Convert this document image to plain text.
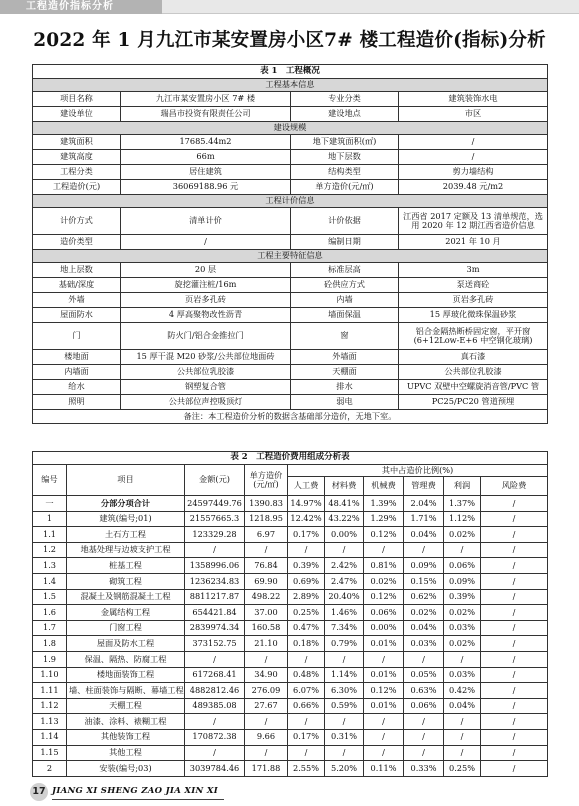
工程造价指标分析
2022 年 1 月九江市某安置房小区7# 楼工程造价(指标)分析
表 1　工程概况			
工程基本信息			
项目名称	九江市某安置房小区 7# 楼	专业分类	建筑装饰水电
建设单位	瑞昌市投资有限责任公司	建设地点	市区
建设规模			
建筑面积	17685.44m2	地下建筑面积(㎡)	/
建筑高度	66m	地下层数	/
工程分类	居住建筑	结构类型	剪力墙结构
工程造价(元)	36069188.96 元	单方造价(元/㎡)	2039.48 元/m2
工程计价信息			
计价方式	清单计价	计价依据	江西省 2017 定额及 13 清单规范，选用 2020 年 12 期江西省造价信息
造价类型	/	编制日期	2021 年 10 月
工程主要特征信息			
地上层数	20 层	标准层高	3m
基础/深度	旋挖灌注桩/16m	砼供应方式	泵送商砼
外墙	页岩多孔砖	内墙	页岩多孔砖
屋面防水	4 厚高聚物改性沥青	墙面保温	15 厚玻化微珠保温砂浆
门	防火门/铝合金推拉门	窗	铝合金隔热断桥固定窗，平开窗(6+12Low-E+6 中空钢化玻璃)
楼地面	15 厚干混 M20 砂浆/公共部位地面砖	外墙面	真石漆
内墙面	公共部位乳胶漆	天棚面	公共部位乳胶漆
给水	钢塑复合管	排水	UPVC 双壁中空螺旋消音管/PVC 管
照明	公共部位声控吸顶灯	弱电	PC25/PC20 管道预埋
备注：本工程造价分析的数据含基础部分造价，无地下室。			
表 2　工程造价费用组成分析表									
编号	项目	金额(元)	单方造价(元/㎡)	其中占造价比例(%)					
				人工费	材料费	机械费	管理费	利润	风险费
一	分部分项合计	24597449.76	1390.83	14.97%	48.41%	1.39%	2.04%	1.37%	/
1	建筑(编号;01)	21557665.3	1218.95	12.42%	43.22%	1.29%	1.71%	1.12%	/
1.1	土石方工程	123329.28	6.97	0.17%	0.00%	0.12%	0.04%	0.02%	/
1.2	地基处理与边坡支护工程	/	/	/	/	/	/	/	/
1.3	桩基工程	1358996.06	76.84	0.39%	2.42%	0.81%	0.09%	0.06%	/
1.4	砌筑工程	1236234.83	69.90	0.69%	2.47%	0.02%	0.15%	0.09%	/
1.5	混凝土及钢筋混凝土工程	8811217.87	498.22	2.89%	20.40%	0.12%	0.62%	0.39%	/
1.6	金属结构工程	654421.84	37.00	0.25%	1.46%	0.06%	0.02%	0.02%	/
1.7	门窗工程	2839974.34	160.58	0.47%	7.34%	0.00%	0.04%	0.03%	/
1.8	屋面及防水工程	373152.75	21.10	0.18%	0.79%	0.01%	0.03%	0.02%	/
1.9	保温、隔热、防腐工程	/	/	/	/	/	/	/	/
1.10	楼地面装饰工程	617268.41	34.90	0.48%	1.14%	0.01%	0.05%	0.03%	/
1.11	墙、柱面装饰与隔断、幕墙工程	4882812.46	276.09	6.07%	6.30%	0.12%	0.63%	0.42%	/
1.12	天棚工程	489385.08	27.67	0.66%	0.59%	0.01%	0.06%	0.04%	/
1.13	油漆、涂料、裱糊工程	/	/	/	/	/	/	/	/
1.14	其他装饰工程	170872.38	9.66	0.17%	0.31%	/	/	/	/
1.15	其他工程	/	/	/	/	/	/	/	/
2	安装(编号;03)	3039784.46	171.88	2.55%	5.20%	0.11%	0.33%	0.25%	/
17 JIANG XI SHENG ZAO JIA XIN XI
